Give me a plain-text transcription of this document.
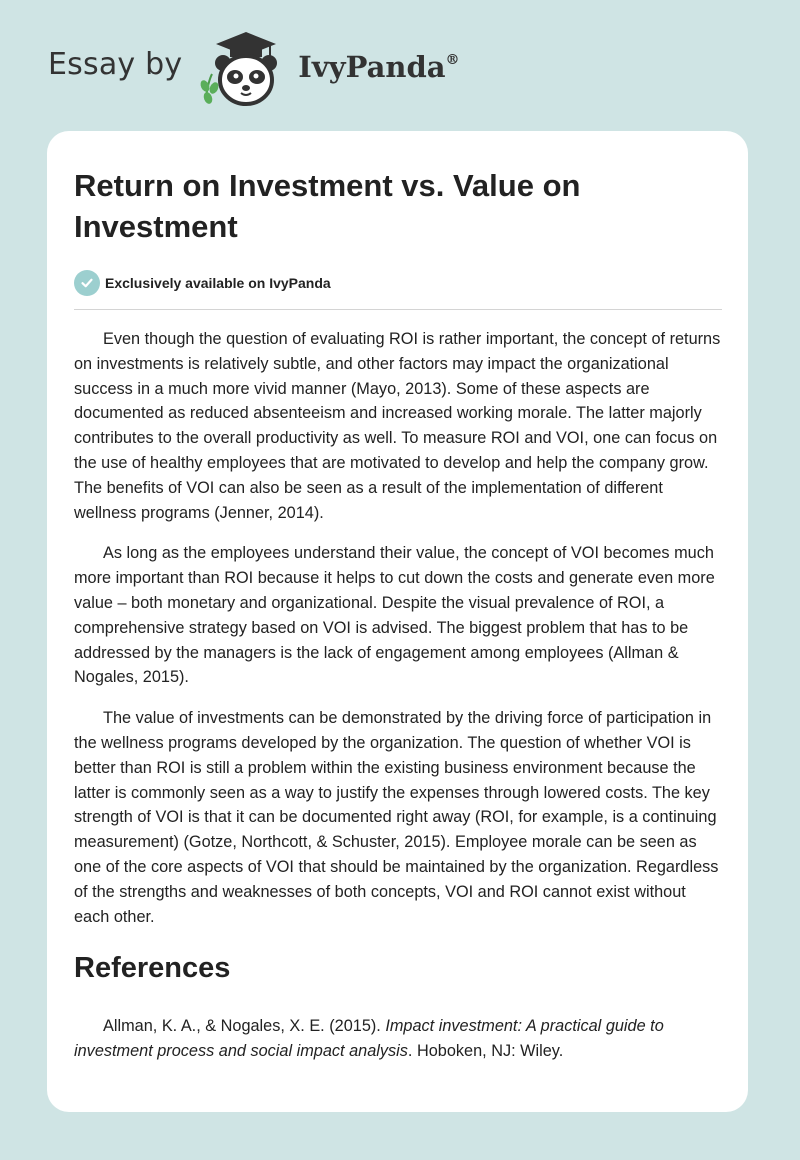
Essay by	IvyPanda®
Return on Investment vs. Value on Investment
Exclusively available on IvyPanda

Even though the question of evaluating ROI is rather important, the concept of returns on investments is relatively subtle, and other factors may impact the organizational success in a much more vivid manner (Mayo, 2013). Some of these aspects are documented as reduced absenteeism and increased working morale. The latter majorly contributes to the overall productivity as well. To measure ROI and VOI, one can focus on the use of healthy employees that are motivated to develop and help the company grow. The benefits of VOI can also be seen as a result of the implementation of different wellness programs (Jenner, 2014).

As long as the employees understand their value, the concept of VOI becomes much more important than ROI because it helps to cut down the costs and generate even more value – both monetary and organizational. Despite the visual prevalence of ROI, a comprehensive strategy based on VOI is advised. The biggest problem that has to be addressed by the managers is the lack of engagement among employees (Allman & Nogales, 2015).

The value of investments can be demonstrated by the driving force of participation in the wellness programs developed by the organization. The question of whether VOI is better than ROI is still a problem within the existing business environment because the latter is commonly seen as a way to justify the expenses through lowered costs. The key strength of VOI is that it can be documented right away (ROI, for example, is a continuing measurement) (Gotze, Northcott, & Schuster, 2015). Employee morale can be seen as one of the core aspects of VOI that should be maintained by the organization. Regardless of the strengths and weaknesses of both concepts, VOI and ROI cannot exist without each other.

References

Allman, K. A., & Nogales, X. E. (2015). Impact investment: A practical guide to investment process and social impact analysis. Hoboken, NJ: Wiley.
